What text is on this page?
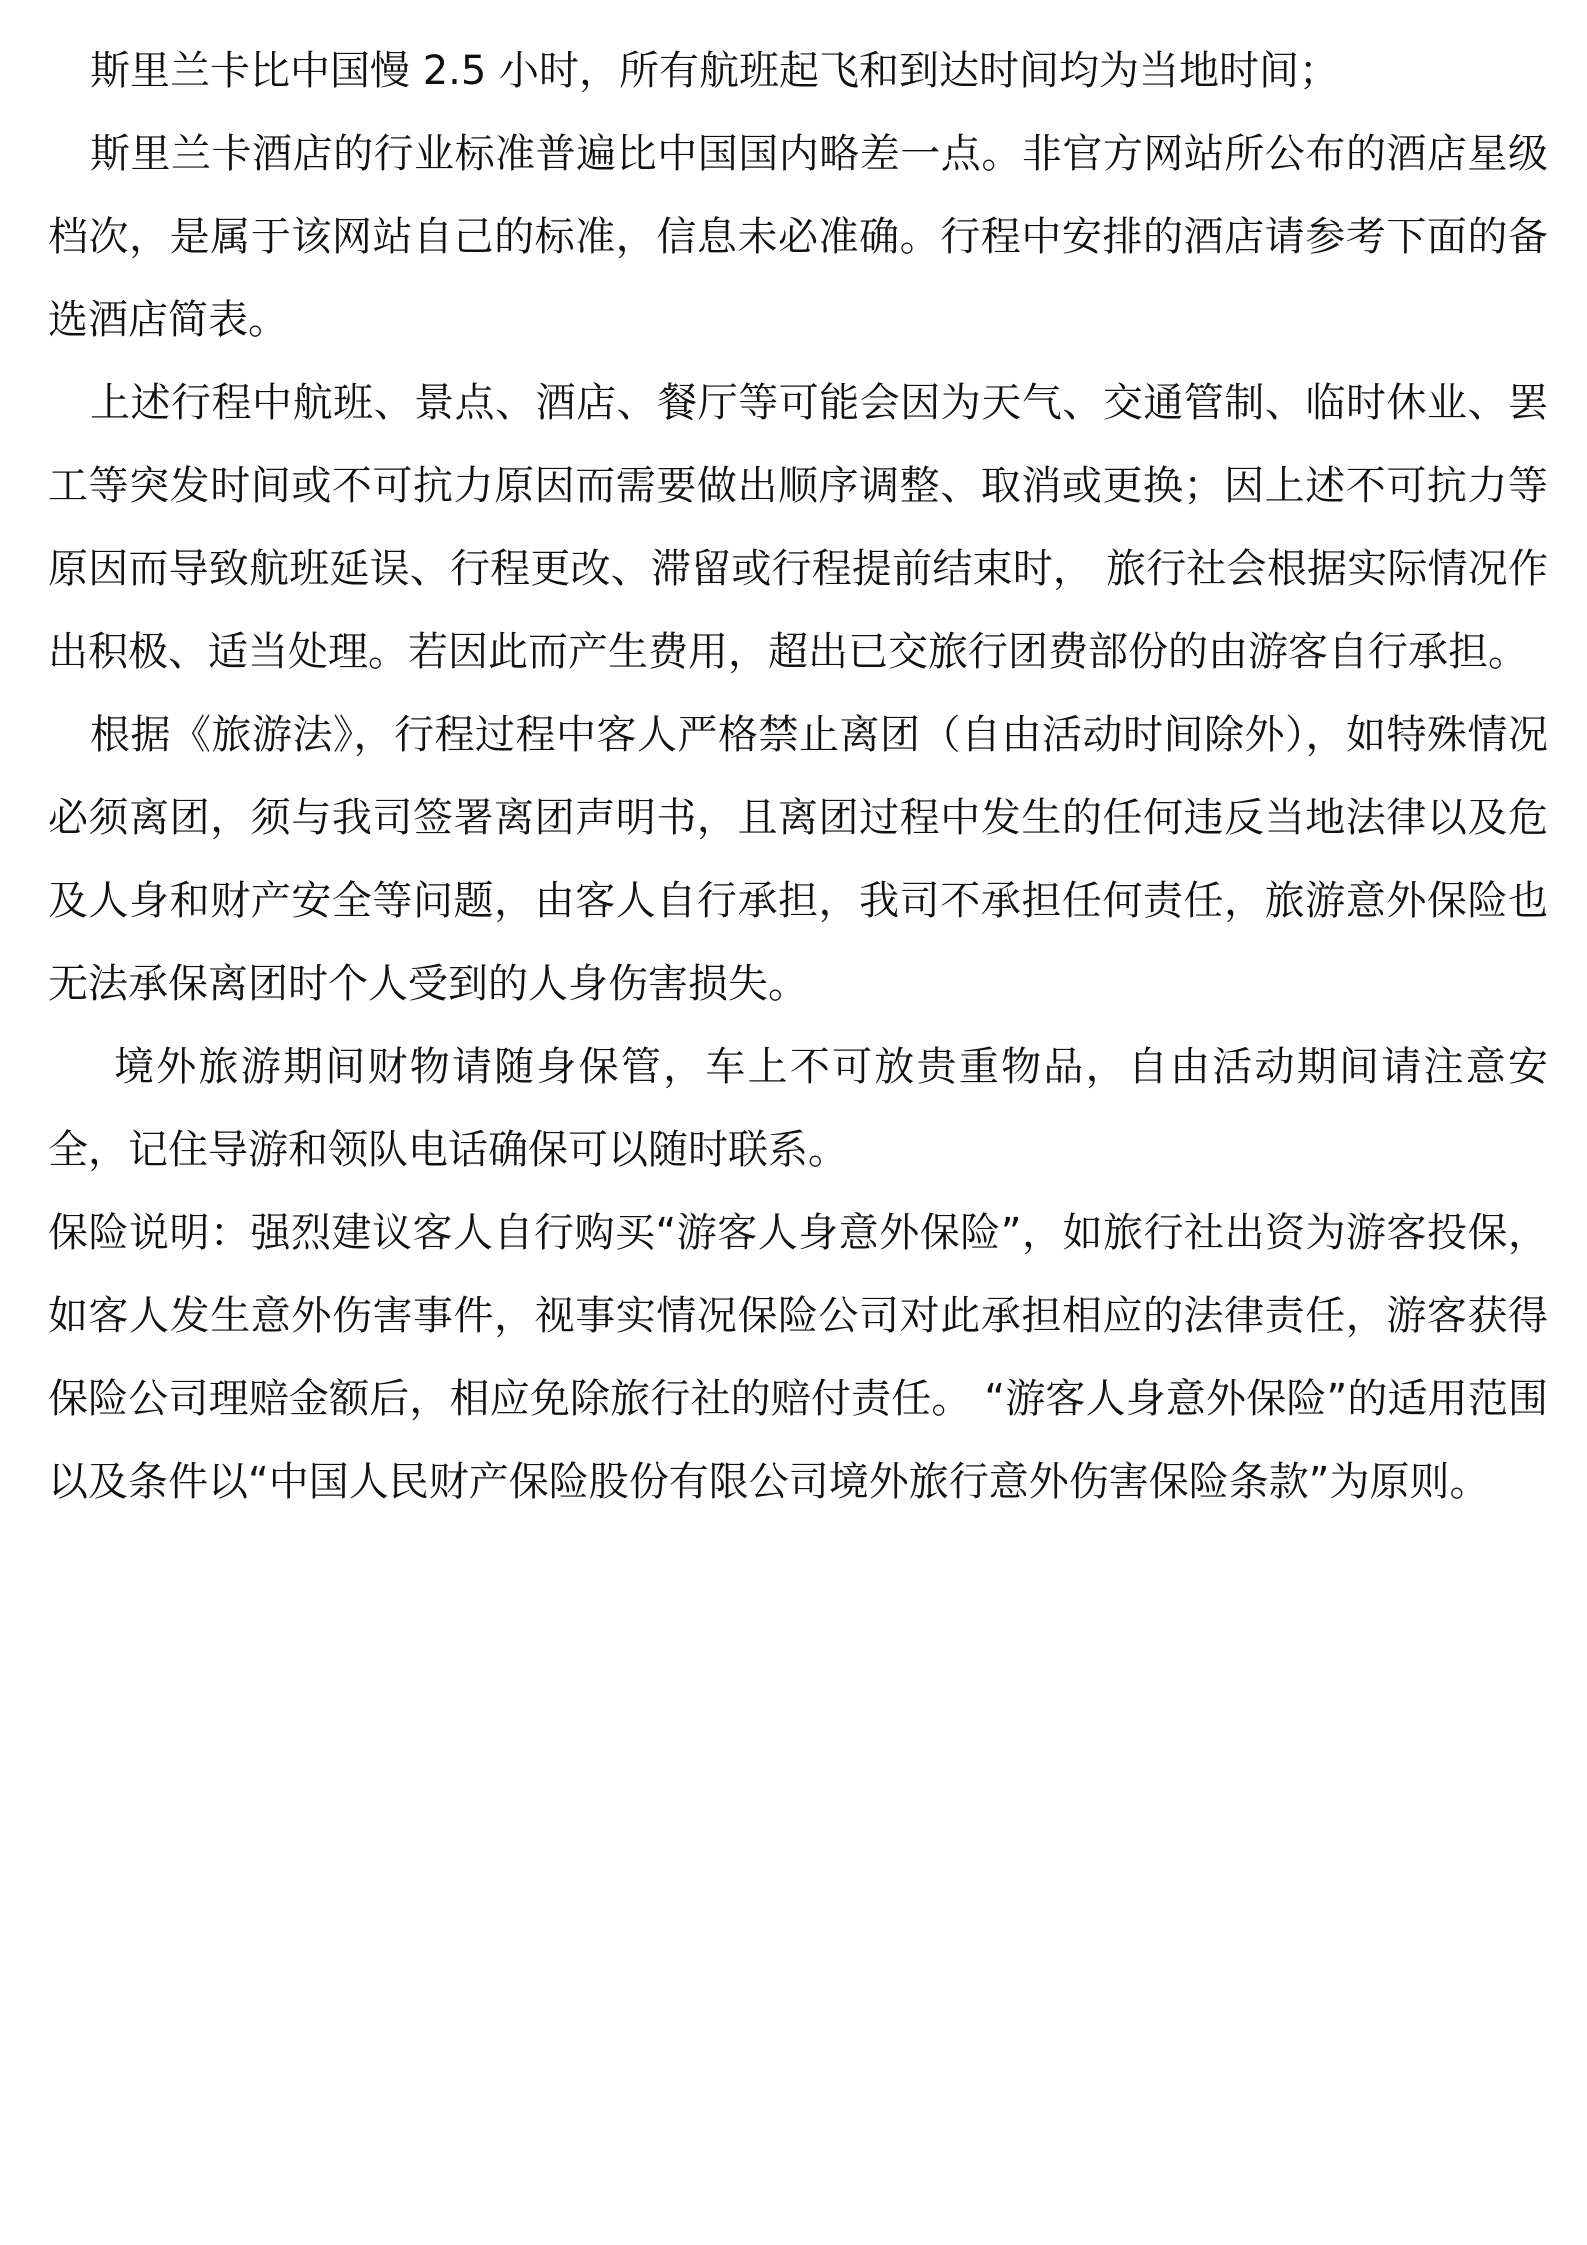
斯里兰卡比中国慢 2.5 小时，所有航班起飞和到达时间均为当地时间；

斯里兰卡酒店的行业标准普遍比中国国内略差一点。非官方网站所公布的酒店星级档次，是属于该网站自己的标准，信息未必准确。行程中安排的酒店请参考下面的备选酒店简表。

上述行程中航班、景点、酒店、餐厅等可能会因为天气、交通管制、临时休业、罢工等突发时间或不可抗力原因而需要做出顺序调整、取消或更换；因上述不可抗力等原因而导致航班延误、行程更改、滞留或行程提前结束时， 旅行社会根据实际情况作出积极、适当处理。若因此而产生费用，超出已交旅行团费部份的由游客自行承担。

根据《旅游法》，行程过程中客人严格禁止离团（自由活动时间除外），如特殊情况必须离团，须与我司签署离团声明书，且离团过程中发生的任何违反当地法律以及危及人身和财产安全等问题，由客人自行承担，我司不承担任何责任，旅游意外保险也无法承保离团时个人受到的人身伤害损失。

境外旅游期间财物请随身保管，车上不可放贵重物品，自由活动期间请注意安全，记住导游和领队电话确保可以随时联系。

保险说明：强烈建议客人自行购买“游客人身意外保险”，如旅行社出资为游客投保，如客人发生意外伤害事件，视事实情况保险公司对此承担相应的法律责任，游客获得保险公司理赔金额后，相应免除旅行社的赔付责任。 “游客人身意外保险”的适用范围以及条件以“中国人民财产保险股份有限公司境外旅行意外伤害保险条款”为原则。
